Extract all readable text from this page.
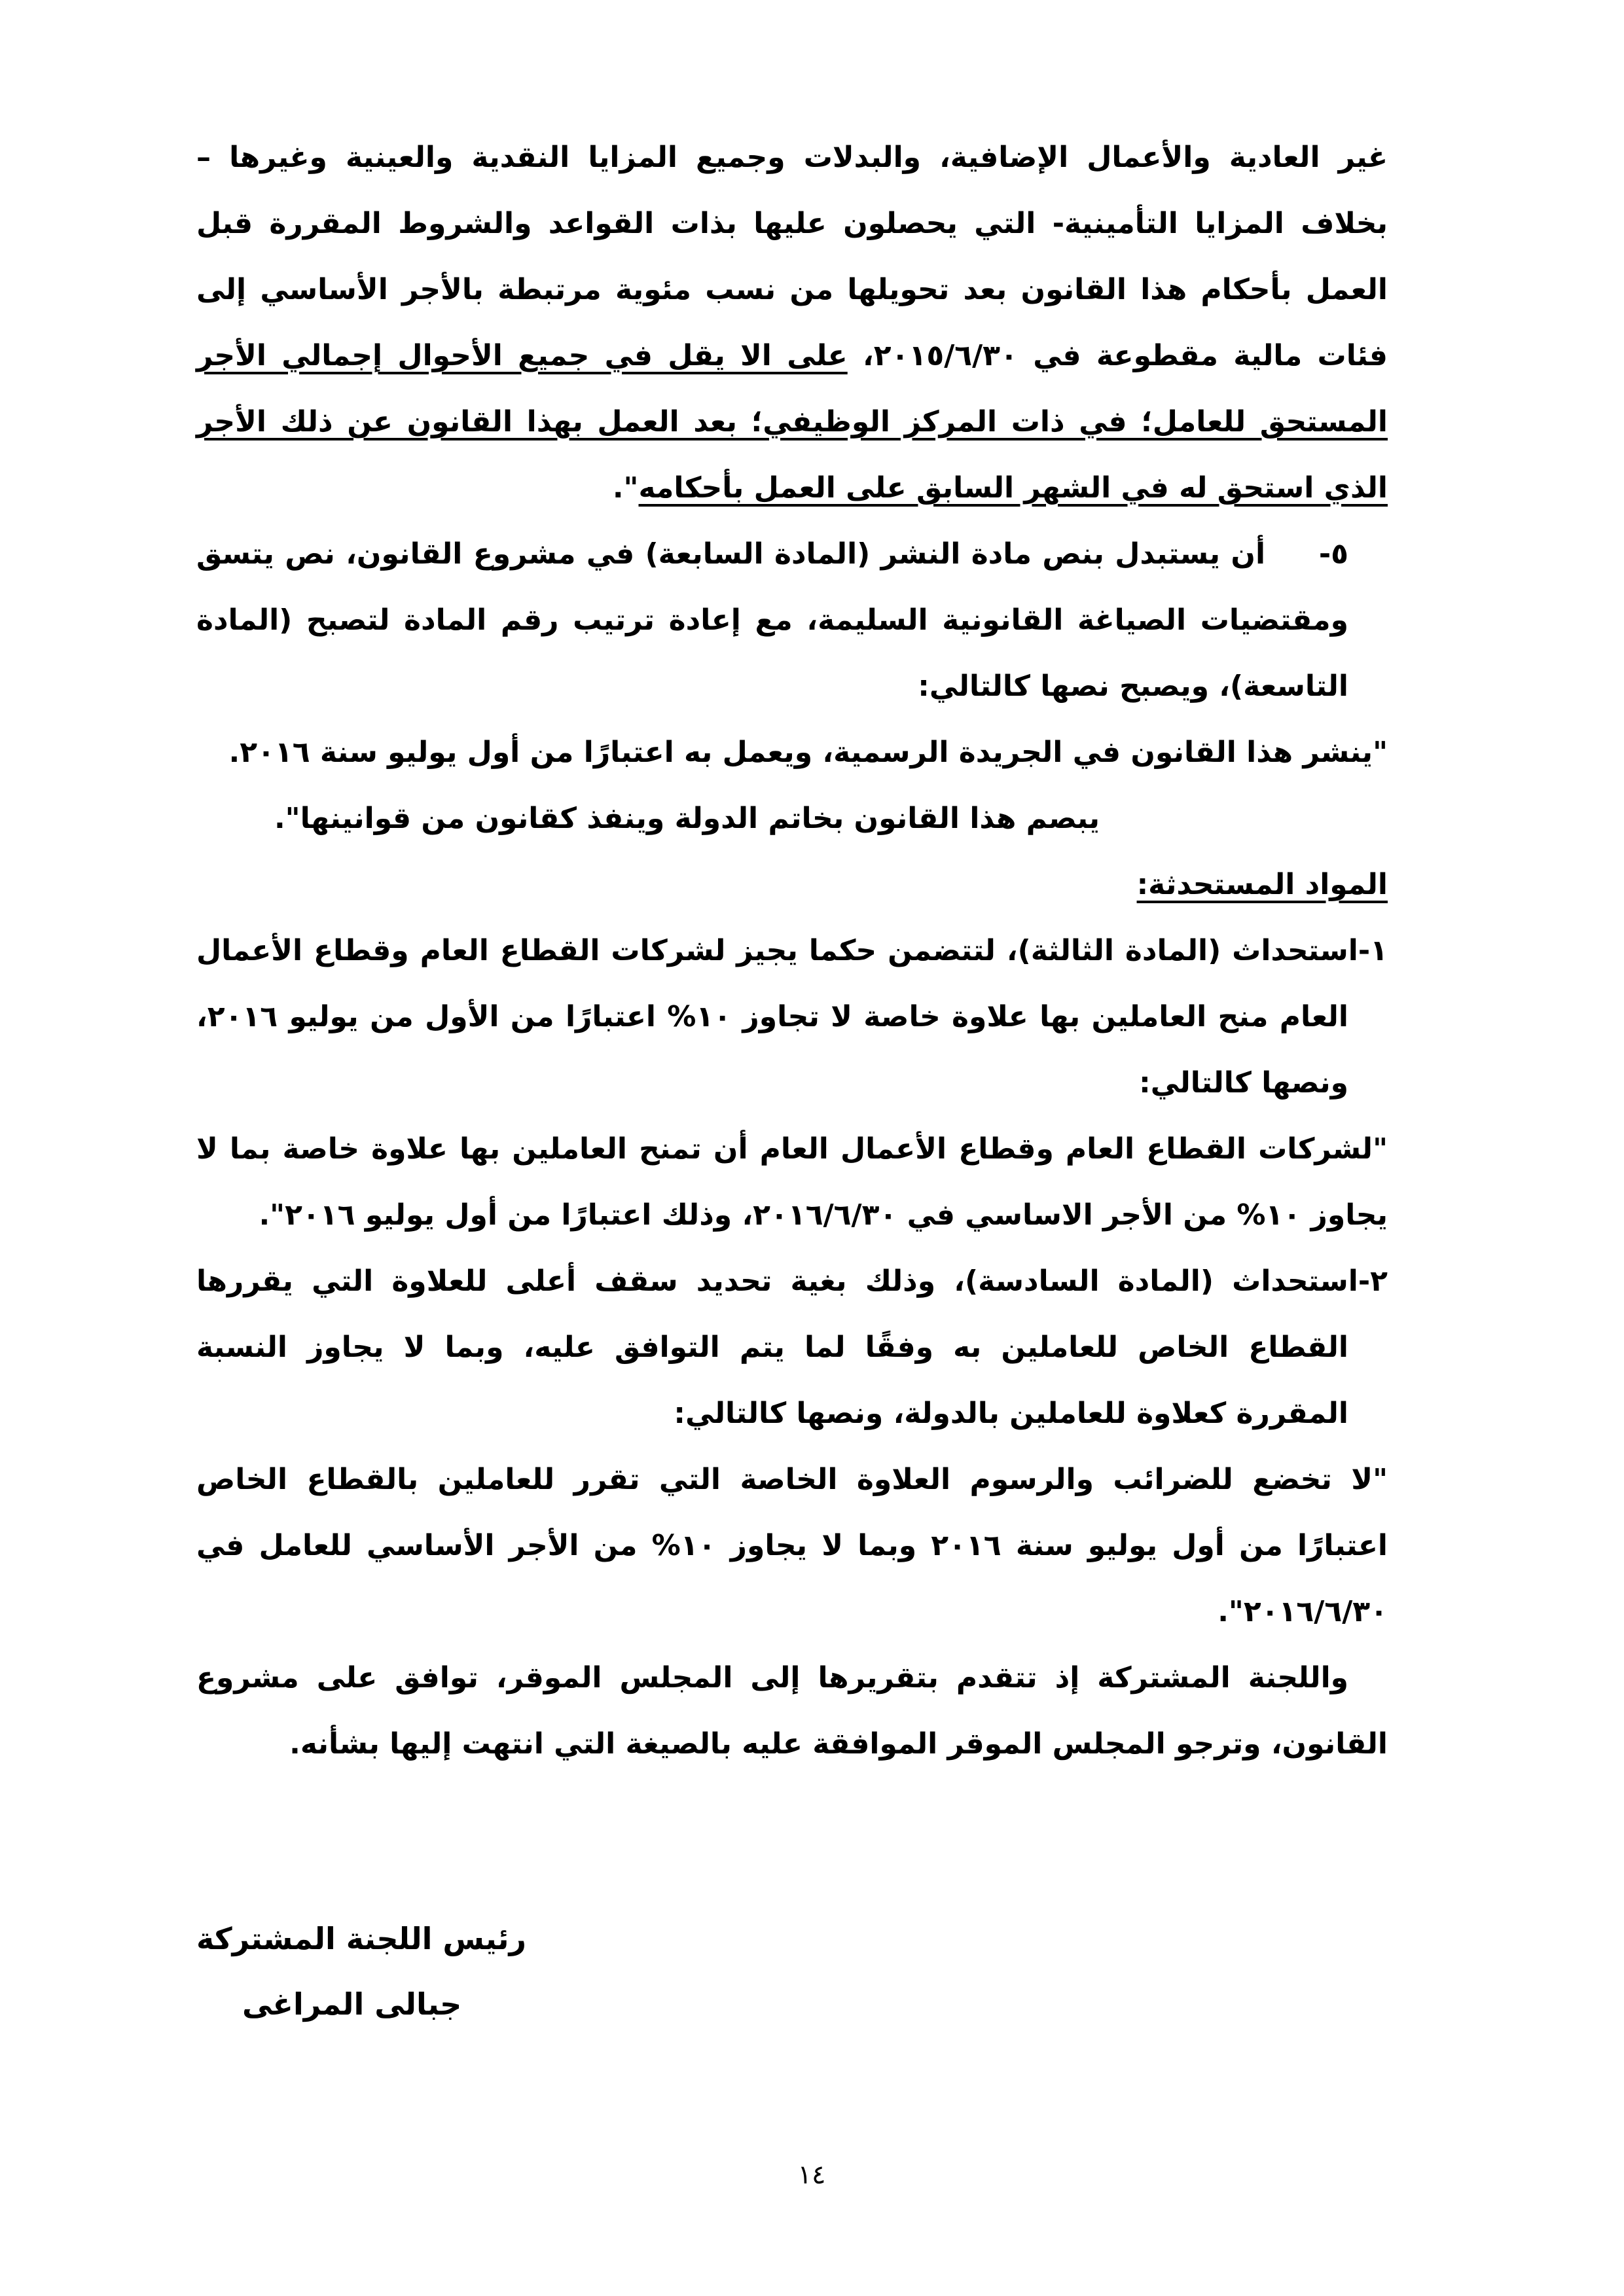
غير العادية والأعمال الإضافية، والبدلات وجميع المزايا النقدية والعينية وغيرها – بخلاف المزايا التأمينية- التي يحصلون عليها بذات القواعد والشروط المقررة قبل العمل بأحكام هذا القانون بعد تحويلها من نسب مئوية مرتبطة بالأجر الأساسي إلى فئات مالية مقطوعة في ٢٠١٥/٦/٣٠، على الا يقل في جميع الأحوال إجمالي الأجر المستحق للعامل؛ في ذات المركز الوظيفي؛ بعد العمل بهذا القانون عن ذلك الأجر الذي استحق له في الشهر السابق على العمل بأحكامه".

٥-     أن يستبدل بنص مادة النشر (المادة السابعة) في مشروع القانون، نص يتسق ومقتضيات الصياغة القانونية السليمة، مع إعادة ترتيب رقم المادة لتصبح (المادة التاسعة)، ويصبح نصها كالتالي:

"ينشر هذا القانون في الجريدة الرسمية، ويعمل به اعتبارًا من أول يوليو سنة ٢٠١٦.

يبصم هذا القانون بخاتم الدولة وينفذ كقانون من قوانينها".

المواد المستحدثة:

١-استحداث (المادة الثالثة)، لتتضمن حكما يجيز لشركات القطاع العام وقطاع الأعمال العام منح العاملين بها علاوة خاصة لا تجاوز ١٠% اعتبارًا من الأول من يوليو ٢٠١٦، ونصها كالتالي:

"لشركات القطاع العام وقطاع الأعمال العام أن تمنح العاملين بها علاوة خاصة بما لا يجاوز ١٠% من الأجر الاساسي في ٢٠١٦/٦/٣٠، وذلك اعتبارًا من أول يوليو ٢٠١٦".

٢-استحداث (المادة السادسة)، وذلك بغية تحديد سقف أعلى للعلاوة التي يقررها القطاع الخاص للعاملين به وفقًا لما يتم التوافق عليه، وبما لا يجاوز النسبة المقررة كعلاوة للعاملين بالدولة، ونصها كالتالي:

"لا تخضع للضرائب والرسوم العلاوة الخاصة التي تقرر للعاملين بالقطاع الخاص اعتبارًا من أول يوليو سنة ٢٠١٦ وبما لا يجاوز ١٠% من الأجر الأساسي للعامل في ٢٠١٦/٦/٣٠".

واللجنة المشتركة إذ تتقدم بتقريرها إلى المجلس الموقر، توافق على مشروع القانون، وترجو المجلس الموقر الموافقة عليه بالصيغة التي انتهت إليها بشأنه.

رئيس اللجنة المشتركة
جبالى المراغى
١٤
